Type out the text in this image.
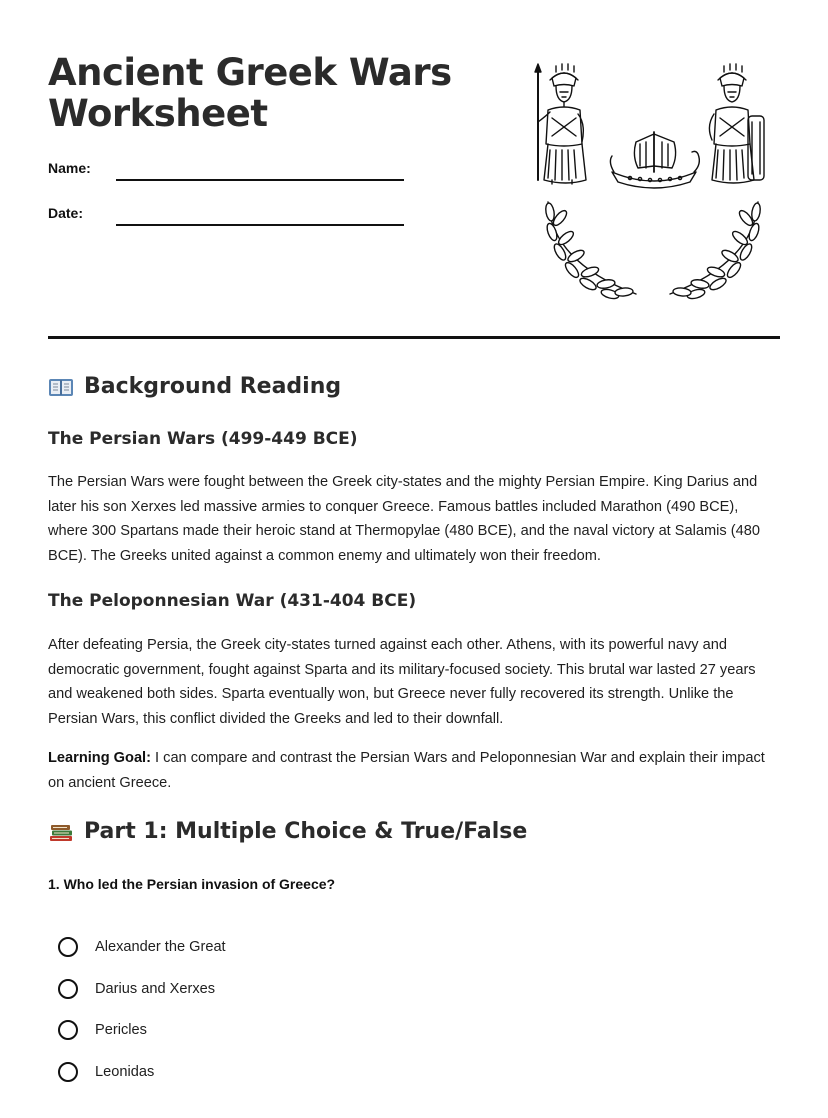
Ancient Greek Wars
Worksheet
Name:
Date:
Background Reading
The Persian Wars (499-449 BCE)

The Persian Wars were fought between the Greek city-states and the mighty Persian Empire. King Darius and later his son Xerxes led massive armies to conquer Greece. Famous battles included Marathon (490 BCE), where 300 Spartans made their heroic stand at Thermopylae (480 BCE), and the naval victory at Salamis (480 BCE). The Greeks united against a common enemy and ultimately won their freedom.

The Peloponnesian War (431-404 BCE)

After defeating Persia, the Greek city-states turned against each other. Athens, with its powerful navy and democratic government, fought against Sparta and its military-focused society. This brutal war lasted 27 years and weakened both sides. Sparta eventually won, but Greece never fully recovered its strength. Unlike the Persian Wars, this conflict divided the Greeks and led to their downfall.

Learning Goal: I can compare and contrast the Persian Wars and Peloponnesian War and explain their impact on ancient Greece.

Part 1: Multiple Choice & True/False

1. Who led the Persian invasion of Greece?

Alexander the Great
Darius and Xerxes
Pericles
Leonidas
